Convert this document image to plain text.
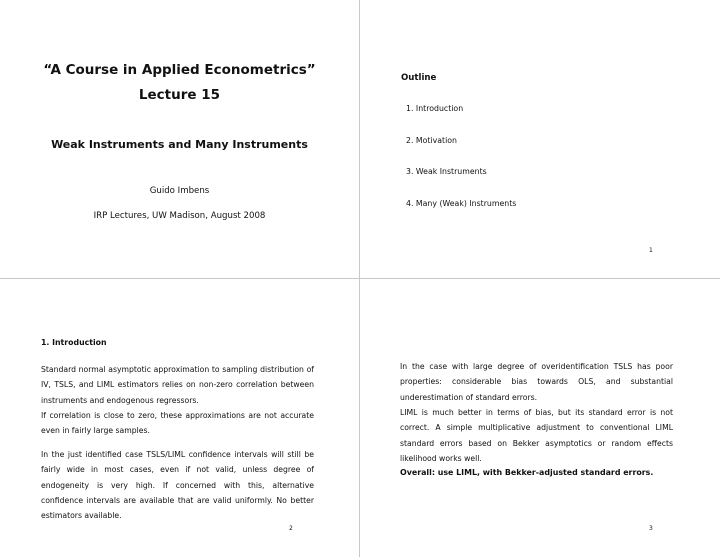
“A Course in Applied Econometrics”
Lecture 15
Weak Instruments and Many Instruments
Guido Imbens
IRP Lectures, UW Madison, August 2008
Outline
1. Introduction
2. Motivation
3. Weak Instruments
4. Many (Weak) Instruments
1
1. Introduction
Standard normal asymptotic approximation to sampling distribution of IV, TSLS, and LIML estimators relies on non-zero correlation between instruments and endogenous regressors.
If correlation is close to zero, these approximations are not accurate even in fairly large samples.
In the just identified case TSLS/LIML confidence intervals will still be fairly wide in most cases, even if not valid, unless degree of endogeneity is very high. If concerned with this, alternative confidence intervals are available that are valid uniformly. No better estimators available.
2
In the case with large degree of overidentification TSLS has poor properties: considerable bias towards OLS, and substantial underestimation of standard errors.
LIML is much better in terms of bias, but its standard error is not correct. A simple multiplicative adjustment to conventional LIML standard errors based on Bekker asymptotics or random effects likelihood works well.
Overall: use LIML, with Bekker-adjusted standard errors.
3
